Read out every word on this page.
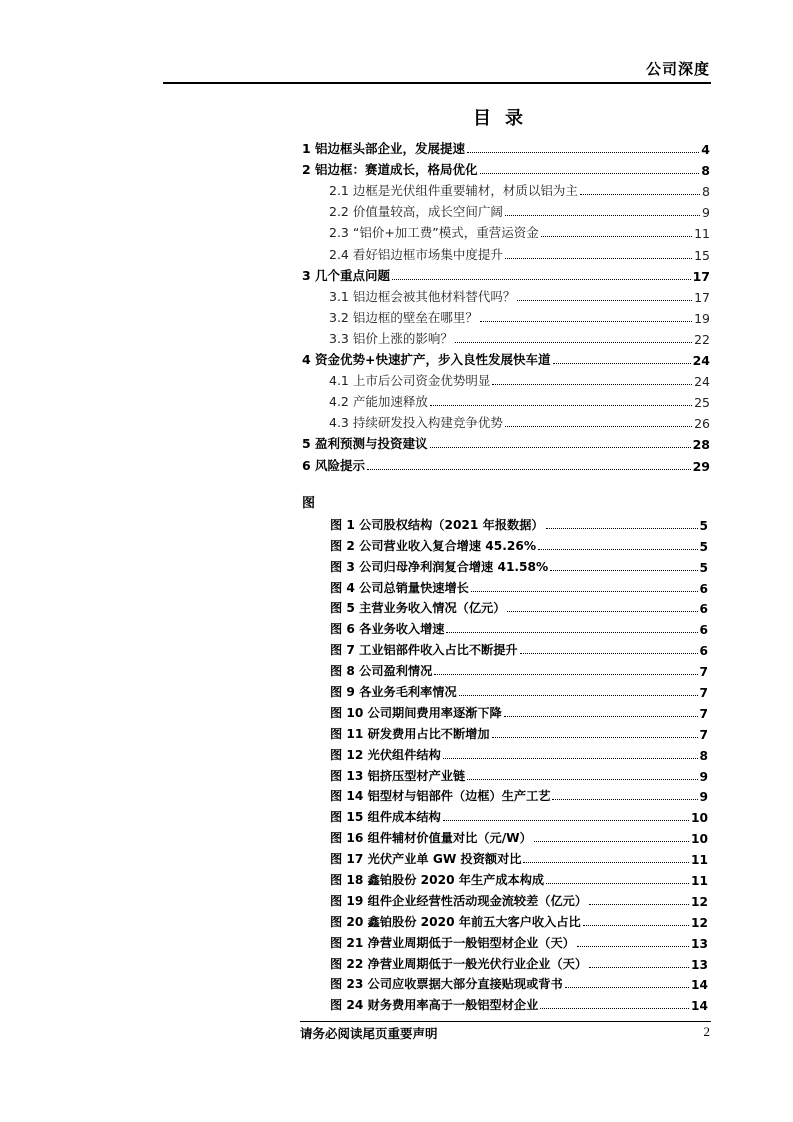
公司深度
目录
1 铝边框头部企业，发展提速	4
2 铝边框：赛道成长，格局优化	8
2.1 边框是光伏组件重要辅材，材质以铝为主	8
2.2 价值量较高，成长空间广阔	9
2.3 “铝价+加工费”模式，重营运资金	11
2.4 看好铝边框市场集中度提升	15
3 几个重点问题	17
3.1 铝边框会被其他材料替代吗？	17
3.2 铝边框的壁垒在哪里？	19
3.3 铝价上涨的影响？	22
4 资金优势+快速扩产，步入良性发展快车道	24
4.1 上市后公司资金优势明显	24
4.2 产能加速释放	25
4.3 持续研发投入构建竞争优势	26
5 盈利预测与投资建议	28
6 风险提示	29
图
图 1 公司股权结构（2021 年报数据）	5
图 2 公司营业收入复合增速 45.26%	5
图 3 公司归母净利润复合增速 41.58%	5
图 4 公司总销量快速增长	6
图 5 主营业务收入情况（亿元）	6
图 6 各业务收入增速	6
图 7 工业铝部件收入占比不断提升	6
图 8 公司盈利情况	7
图 9 各业务毛利率情况	7
图 10 公司期间费用率逐渐下降	7
图 11 研发费用占比不断增加	7
图 12 光伏组件结构	8
图 13 铝挤压型材产业链	9
图 14 铝型材与铝部件（边框）生产工艺	9
图 15 组件成本结构	10
图 16 组件辅材价值量对比（元/W）	10
图 17 光伏产业单 GW 投资额对比	11
图 18 鑫铂股份 2020 年生产成本构成	11
图 19 组件企业经营性活动现金流较差（亿元）	12
图 20 鑫铂股份 2020 年前五大客户收入占比	12
图 21 净营业周期低于一般铝型材企业（天）	13
图 22 净营业周期低于一般光伏行业企业（天）	13
图 23 公司应收票据大部分直接贴现或背书	14
图 24 财务费用率高于一般铝型材企业	14
请务必阅读尾页重要声明	2
